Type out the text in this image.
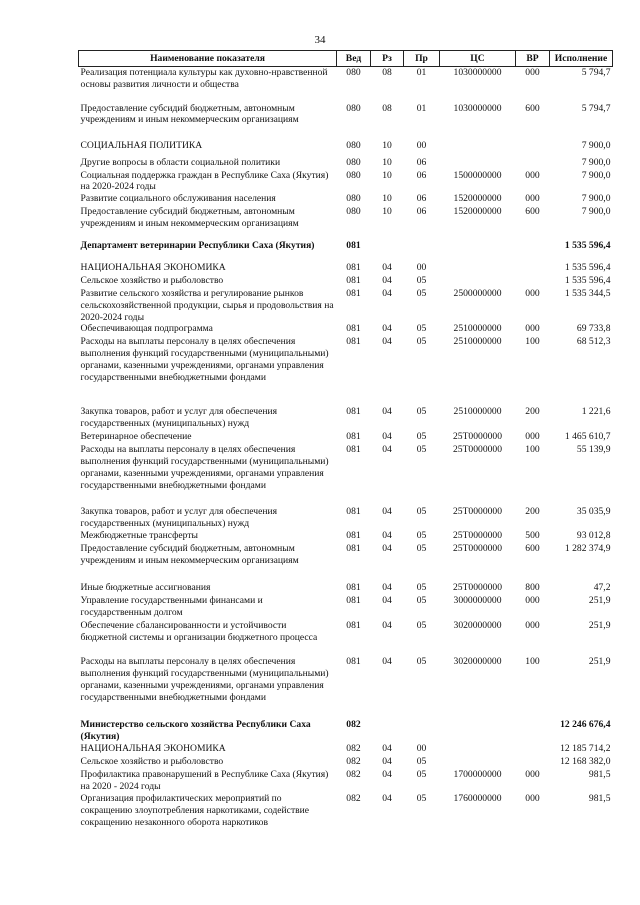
34
Наименование показателя	Вед	Рз	Пр	ЦС	ВР	Исполнение
Реализация потенциала культуры как духовно-нравственной основы развития личности и общества	080	08	01	1030000000	000	5 794,7
Предоставление субсидий бюджетным, автономным учреждениям и иным некоммерческим организациям	080	08	01	1030000000	600	5 794,7
СОЦИАЛЬНАЯ ПОЛИТИКА	080	10	00			7 900,0
Другие вопросы в области социальной политики	080	10	06			7 900,0
Социальная поддержка граждан в Республике Саха (Якутия) на 2020-2024 годы	080	10	06	1500000000	000	7 900,0
Развитие социального обслуживания населения	080	10	06	1520000000	000	7 900,0
Предоставление субсидий бюджетным, автономным учреждениям и иным некоммерческим организациям	080	10	06	1520000000	600	7 900,0
Департамент ветеринарии Республики Саха (Якутия)	081					1 535 596,4
НАЦИОНАЛЬНАЯ ЭКОНОМИКА	081	04	00			1 535 596,4
Сельское хозяйство и рыболовство	081	04	05			1 535 596,4
Развитие сельского хозяйства и регулирование рынков сельскохозяйственной продукции, сырья и продовольствия на 2020-2024 годы	081	04	05	2500000000	000	1 535 344,5
Обеспечивающая подпрограмма	081	04	05	2510000000	000	69 733,8
Расходы на выплаты персоналу в целях обеспечения выполнения функций государственными (муниципальными) органами, казенными учреждениями, органами управления государственными внебюджетными фондами	081	04	05	2510000000	100	68 512,3
Закупка товаров, работ и услуг для обеспечения государственных (муниципальных) нужд	081	04	05	2510000000	200	1 221,6
Ветеринарное обеспечение	081	04	05	25Т0000000	000	1 465 610,7
Расходы на выплаты персоналу в целях обеспечения выполнения функций государственными (муниципальными) органами, казенными учреждениями, органами управления государственными внебюджетными фондами	081	04	05	25Т0000000	100	55 139,9
Закупка товаров, работ и услуг для обеспечения государственных (муниципальных) нужд	081	04	05	25Т0000000	200	35 035,9
Межбюджетные трансферты	081	04	05	25Т0000000	500	93 012,8
Предоставление субсидий бюджетным, автономным учреждениям и иным некоммерческим организациям	081	04	05	25Т0000000	600	1 282 374,9
Иные бюджетные ассигнования	081	04	05	25Т0000000	800	47,2
Управление государственными финансами и государственным долгом	081	04	05	3000000000	000	251,9
Обеспечение сбалансированности и устойчивости бюджетной системы и организации бюджетного процесса	081	04	05	3020000000	000	251,9
Расходы на выплаты персоналу в целях обеспечения выполнения функций государственными (муниципальными) органами, казенными учреждениями, органами управления государственными внебюджетными фондами	081	04	05	3020000000	100	251,9
Министерство сельского хозяйства Республики Саха (Якутия)	082					12 246 676,4
НАЦИОНАЛЬНАЯ ЭКОНОМИКА	082	04	00			12 185 714,2
Сельское хозяйство и рыболовство	082	04	05			12 168 382,0
Профилактика правонарушений в Республике Саха (Якутия) на 2020 - 2024 годы	082	04	05	1700000000	000	981,5
Организация профилактических мероприятий по сокращению злоупотребления наркотиками, содействие сокращению незаконного оборота наркотиков	082	04	05	1760000000	000	981,5
